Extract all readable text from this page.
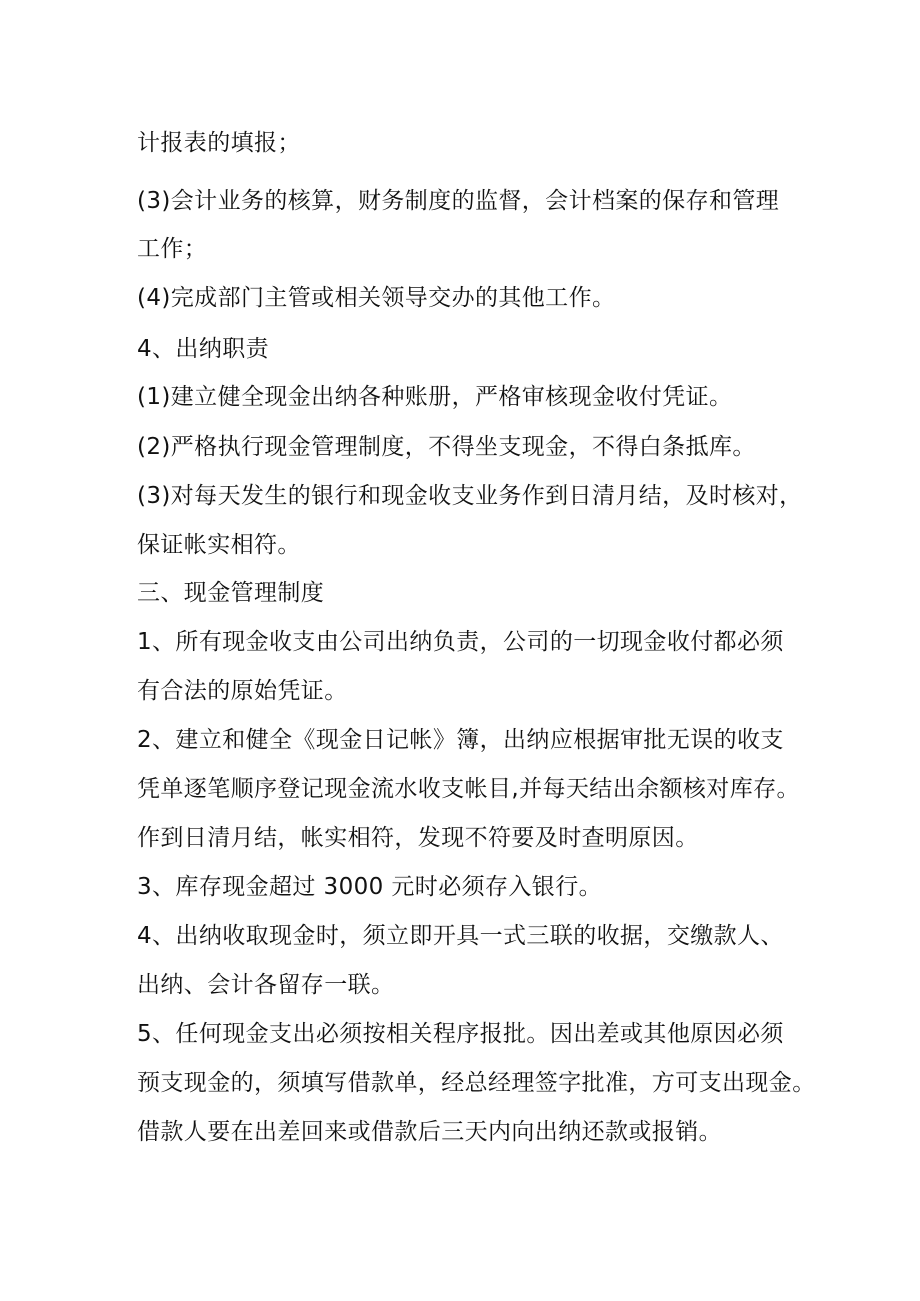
计报表的填报；
(3)会计业务的核算，财务制度的监督，会计档案的保存和管理
工作；
(4)完成部门主管或相关领导交办的其他工作。
4、出纳职责
(1)建立健全现金出纳各种账册，严格审核现金收付凭证。
(2)严格执行现金管理制度，不得坐支现金，不得白条抵库。
(3)对每天发生的银行和现金收支业务作到日清月结，及时核对，
保证帐实相符。
三、现金管理制度
1、所有现金收支由公司出纳负责，公司的一切现金收付都必须
有合法的原始凭证。
2、建立和健全《现金日记帐》簿，出纳应根据审批无误的收支
凭单逐笔顺序登记现金流水收支帐目,并每天结出余额核对库存。
作到日清月结，帐实相符，发现不符要及时查明原因。
3、库存现金超过 3000 元时必须存入银行。
4、出纳收取现金时，须立即开具一式三联的收据，交缴款人、
出纳、会计各留存一联。
5、任何现金支出必须按相关程序报批。因出差或其他原因必须
预支现金的，须填写借款单，经总经理签字批准，方可支出现金。
借款人要在出差回来或借款后三天内向出纳还款或报销。
